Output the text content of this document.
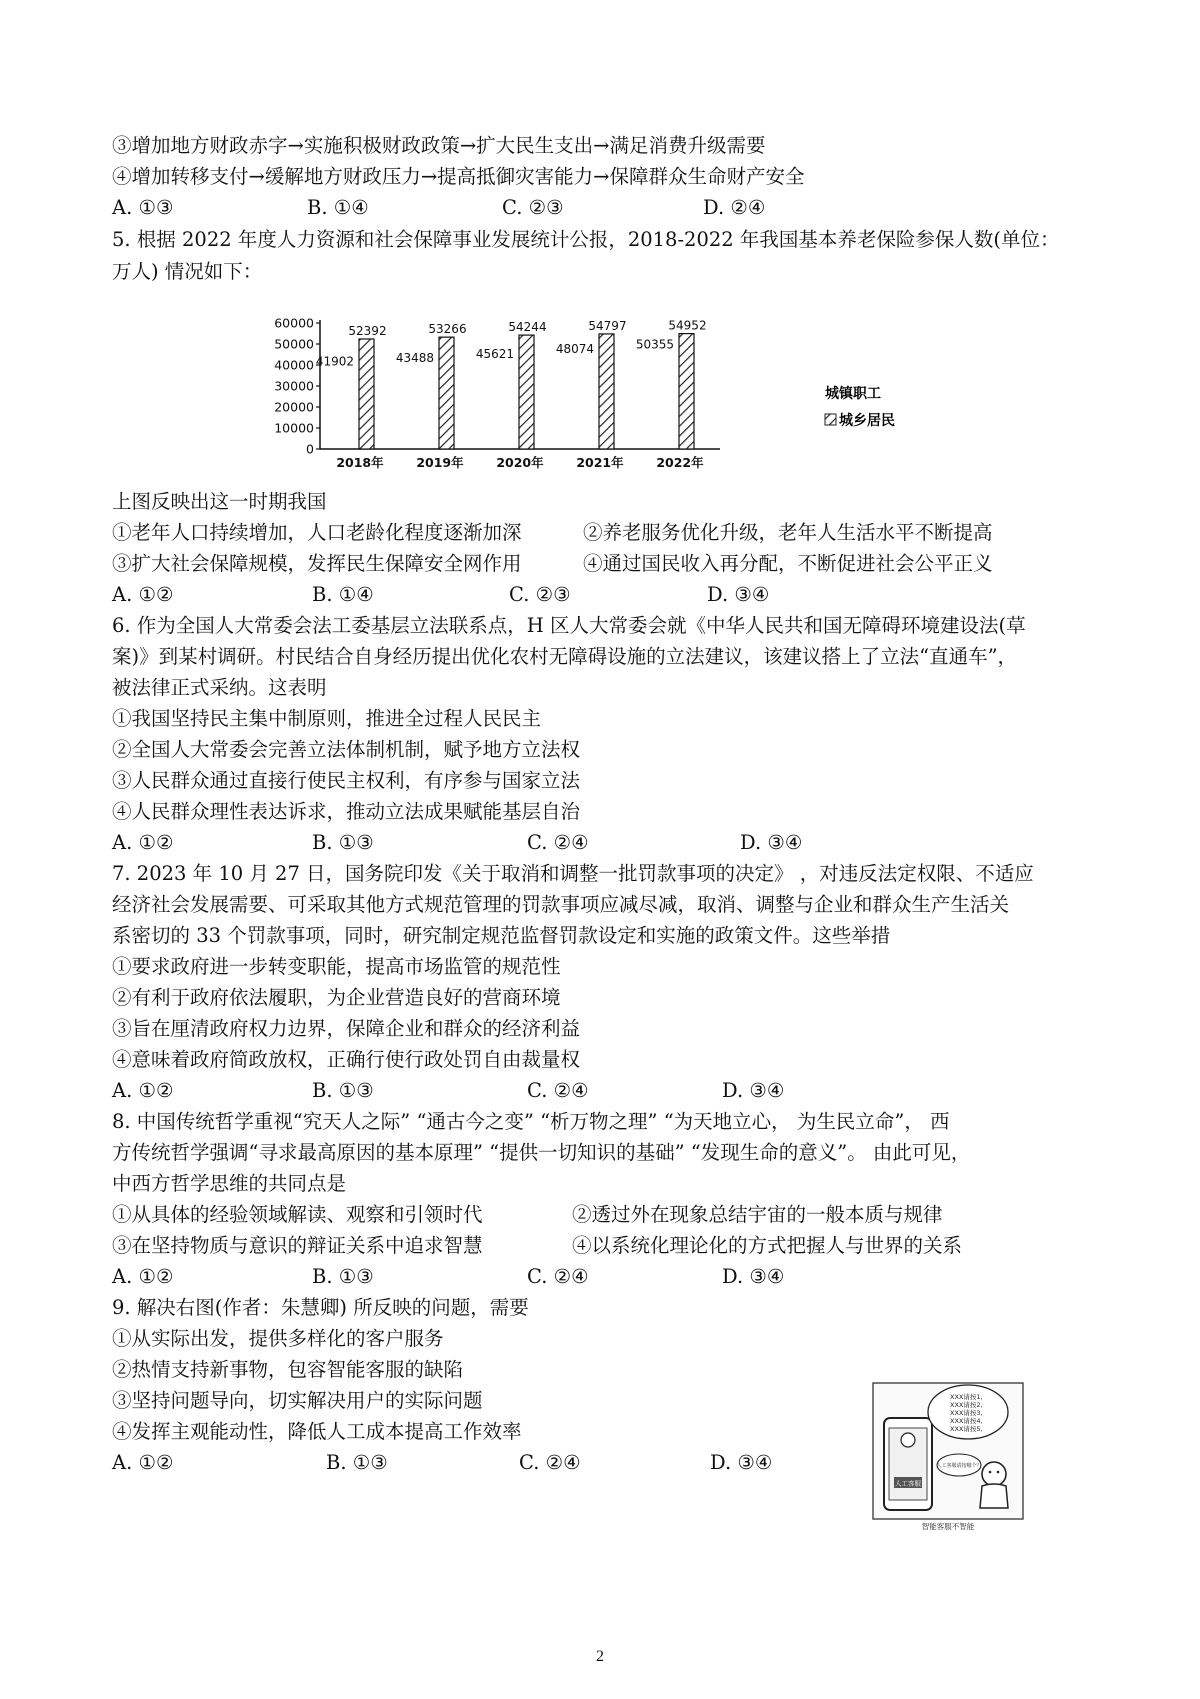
③增加地方财政赤字→实施积极财政政策→扩大民生支出→满足消费升级需要
④增加转移支付→缓解地方财政压力→提高抵御灾害能力→保障群众生命财产安全
A. ①③	B. ①④	C. ②③	D. ②④
5. 根据 2022 年度人力资源和社会保障事业发展统计公报，2018-2022 年我国基本养老保险参保人数(单位：
万人) 情况如下：
0
10000
20000
30000
40000
50000
60000
2018年
41902
52392
2019年
43488
53266
2020年
45621
54244
2021年
48074
54797
2022年
50355
54952
城镇职工
城乡居民
上图反映出这一时期我国
①老年人口持续增加，人口老龄化程度逐渐加深	②养老服务优化升级，老年人生活水平不断提高
③扩大社会保障规模，发挥民生保障安全网作用	④通过国民收入再分配，不断促进社会公平正义
A. ①②	B. ①④	C. ②③	D. ③④
6. 作为全国人大常委会法工委基层立法联系点，H 区人大常委会就《中华人民共和国无障碍环境建设法(草
案)》到某村调研。村民结合自身经历提出优化农村无障碍设施的立法建议，该建议搭上了立法“直通车”，
被法律正式采纳。这表明
①我国坚持民主集中制原则，推进全过程人民民主
②全国人大常委会完善立法体制机制，赋予地方立法权
③人民群众通过直接行使民主权利，有序参与国家立法
④人民群众理性表达诉求，推动立法成果赋能基层自治
A. ①②	B. ①③	C. ②④	D. ③④
7. 2023 年 10 月 27 日，国务院印发《关于取消和调整一批罚款事项的决定》 ，对违反法定权限、不适应
经济社会发展需要、可采取其他方式规范管理的罚款事项应减尽减，取消、调整与企业和群众生产生活关
系密切的 33 个罚款事项，同时，研究制定规范监督罚款设定和实施的政策文件。这些举措
①要求政府进一步转变职能，提高市场监管的规范性
②有利于政府依法履职，为企业营造良好的营商环境
③旨在厘清政府权力边界，保障企业和群众的经济利益
④意味着政府简政放权，正确行使行政处罚自由裁量权
A. ①②	B. ①③	C. ②④	D. ③④
8. 中国传统哲学重视“究天人之际” “通古今之变” “析万物之理” “为天地立心， 为生民立命”， 西
方传统哲学强调“寻求最高原因的基本原理” “提供一切知识的基础” “发现生命的意义”。 由此可见，
中西方哲学思维的共同点是
①从具体的经验领域解读、观察和引领时代	②透过外在现象总结宇宙的一般本质与规律
③在坚持物质与意识的辩证关系中追求智慧	④以系统化理论化的方式把握人与世界的关系
A. ①②	B. ①③	C. ②④	D. ③④
9. 解决右图(作者：朱慧卿) 所反映的问题，需要
①从实际出发，提供多样化的客户服务
②热情支持新事物，包容智能客服的缺陷
③坚持问题导向，切实解决用户的实际问题
④发挥主观能动性，降低人工成本提高工作效率
A. ①②	B. ①③	C. ②④	D. ③④
人工客服
XXX请按1,
XXX请按2,
XXX请按3,
XXX请按4,
XXX请按5,
人工客服请按哪个？
智能客服不智能
2
